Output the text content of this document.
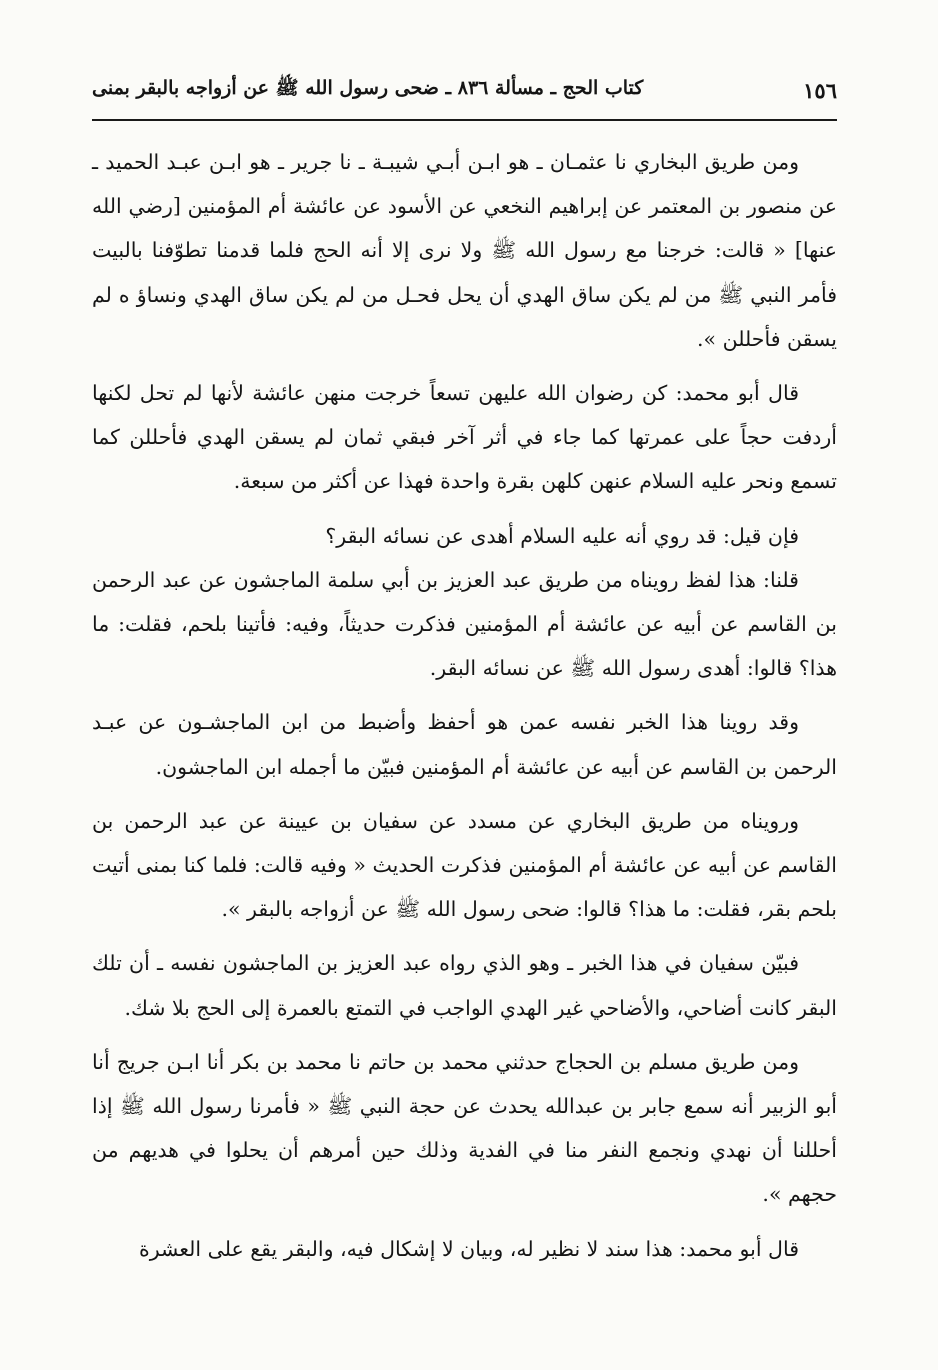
١٥٦
كتاب الحج ـ مسألة ٨٣٦ ـ ضحى رسول الله ﷺ عن أزواجه بالبقر بمنى

ومن طريق البخاري نا عثمـان ـ هو ابـن أبـي شيبـة ـ نا جرير ـ هو ابـن عبـد الحميد ـ عن منصور بن المعتمر عن إبراهيم النخعي عن الأسود عن عائشة أم المؤمنين [رضي الله عنها] « قالت: خرجنا مع رسول الله ﷺ ولا نرى إلا أنه الحج فلما قدمنا تطوّفنا بالبيت فأمر النبي ﷺ من لم يكن ساق الهدي أن يحل فحـل من لم يكن ساق الهدي ونساؤ ه لم يسقن فأحللن ».

قال أبو محمد: كن رضوان الله عليهن تسعاً خرجت منهن عائشة لأنها لم تحل لكنها أردفت حجاً على عمرتها كما جاء في أثر آخر فبقي ثمان لم يسقن الهدي فأحللن كما تسمع ونحر عليه السلام عنهن كلهن بقرة واحدة فهذا عن أكثر من سبعة.

فإن قيل: قد روي أنه عليه السلام أهدى عن نسائه البقر؟

قلنا: هذا لفظ رويناه من طريق عبد العزيز بن أبي سلمة الماجشون عن عبد الرحمن بن القاسم عن أبيه عن عائشة أم المؤمنين فذكرت حديثاً، وفيه: فأتينا بلحم، فقلت: ما هذا؟ قالوا: أهدى رسول الله ﷺ عن نسائه البقر.

وقد روينا هذا الخبر نفسه عمن هو أحفظ وأضبط من ابن الماجشـون عن عبـد الرحمن بن القاسم عن أبيه عن عائشة أم المؤمنين فبيّن ما أجمله ابن الماجشون.

ورويناه من طريق البخاري عن مسدد عن سفيان بن عيينة عن عبد الرحمن بن القاسم عن أبيه عن عائشة أم المؤمنين فذكرت الحديث « وفيه قالت: فلما كنا بمنى أتيت بلحم بقر، فقلت: ما هذا؟ قالوا: ضحى رسول الله ﷺ عن أزواجه بالبقر ».

فبيّن سفيان في هذا الخبر ـ وهو الذي رواه عبد العزيز بن الماجشون نفسه ـ أن تلك البقر كانت أضاحي، والأضاحي غير الهدي الواجب في التمتع بالعمرة إلى الحج بلا شك.

ومن طريق مسلم بن الحجاج حدثني محمد بن حاتم نا محمد بن بكر أنا ابـن جريج أنا أبو الزبير أنه سمع جابر بن عبدالله يحدث عن حجة النبي ﷺ « فأمرنا رسول الله ﷺ إذا أحللنا أن نهدي ونجمع النفر منا في الفدية وذلك حين أمرهم أن يحلوا في هديهم من حجهم ».

قال أبو محمد: هذا سند لا نظير له، وبيان لا إشكال فيه، والبقر يقع على العشرة
